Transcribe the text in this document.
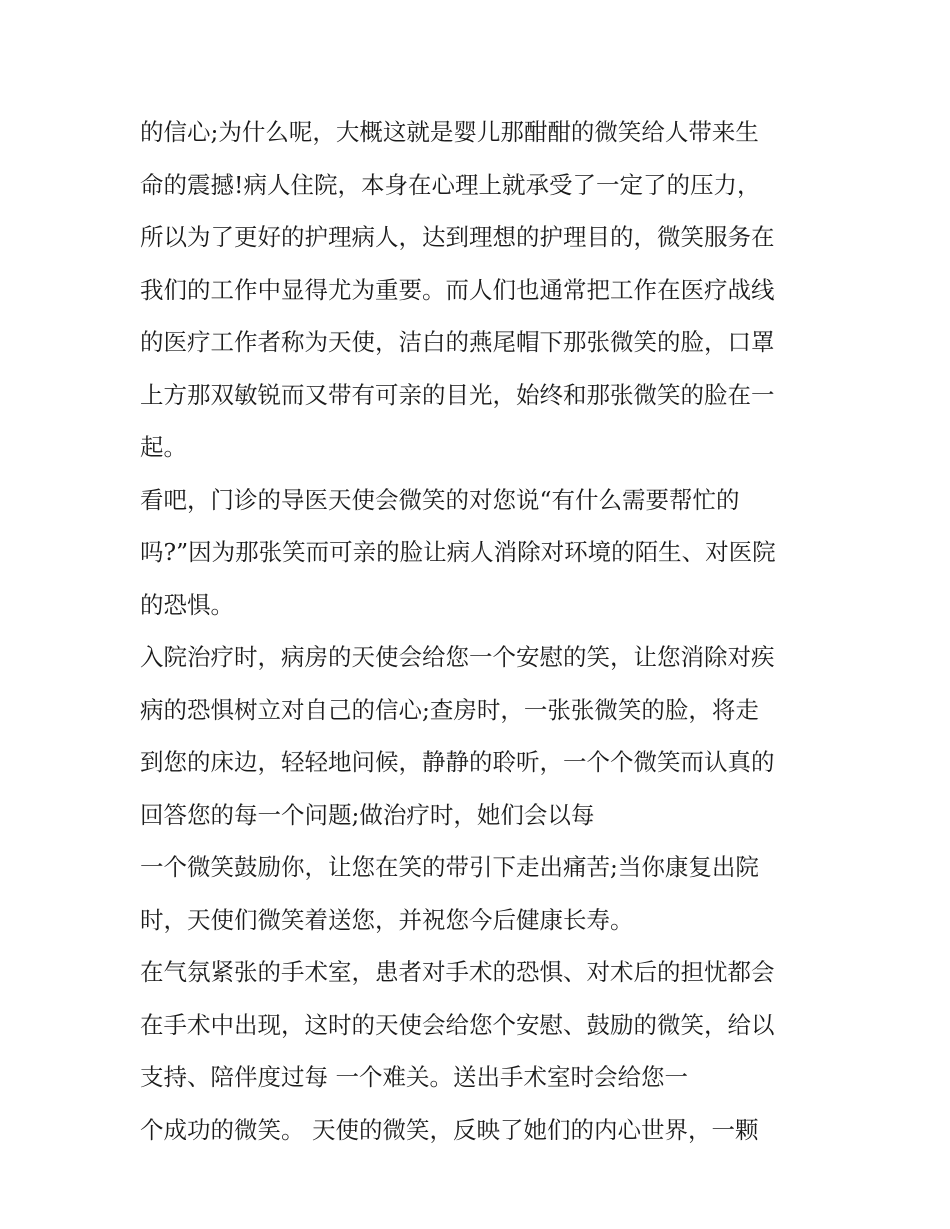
的信心;为什么呢，大概这就是婴儿那酣酣的微笑给人带来生
命的震撼!病人住院，本身在心理上就承受了一定了的压力，
所以为了更好的护理病人，达到理想的护理目的，微笑服务在
我们的工作中显得尤为重要。而人们也通常把工作在医疗战线
的医疗工作者称为天使，洁白的燕尾帽下那张微笑的脸，口罩
上方那双敏锐而又带有可亲的目光，始终和那张微笑的脸在一
起。
看吧，门诊的导医天使会微笑的对您说“有什么需要帮忙的
吗?”因为那张笑而可亲的脸让病人消除对环境的陌生、对医院
的恐惧。
入院治疗时，病房的天使会给您一个安慰的笑，让您消除对疾
病的恐惧树立对自己的信心;查房时，一张张微笑的脸，将走
到您的床边，轻轻地问候，静静的聆听，一个个微笑而认真的
回答您的每一个问题;做治疗时，她们会以每
一个微笑鼓励你，让您在笑的带引下走出痛苦;当你康复出院
时，天使们微笑着送您，并祝您今后健康长寿。
在气氛紧张的手术室，患者对手术的恐惧、对术后的担忧都会
在手术中出现，这时的天使会给您个安慰、鼓励的微笑，给以
支持、陪伴度过每 一个难关。送出手术室时会给您一
个成功的微笑。 天使的微笑，反映了她们的内心世界，一颗
